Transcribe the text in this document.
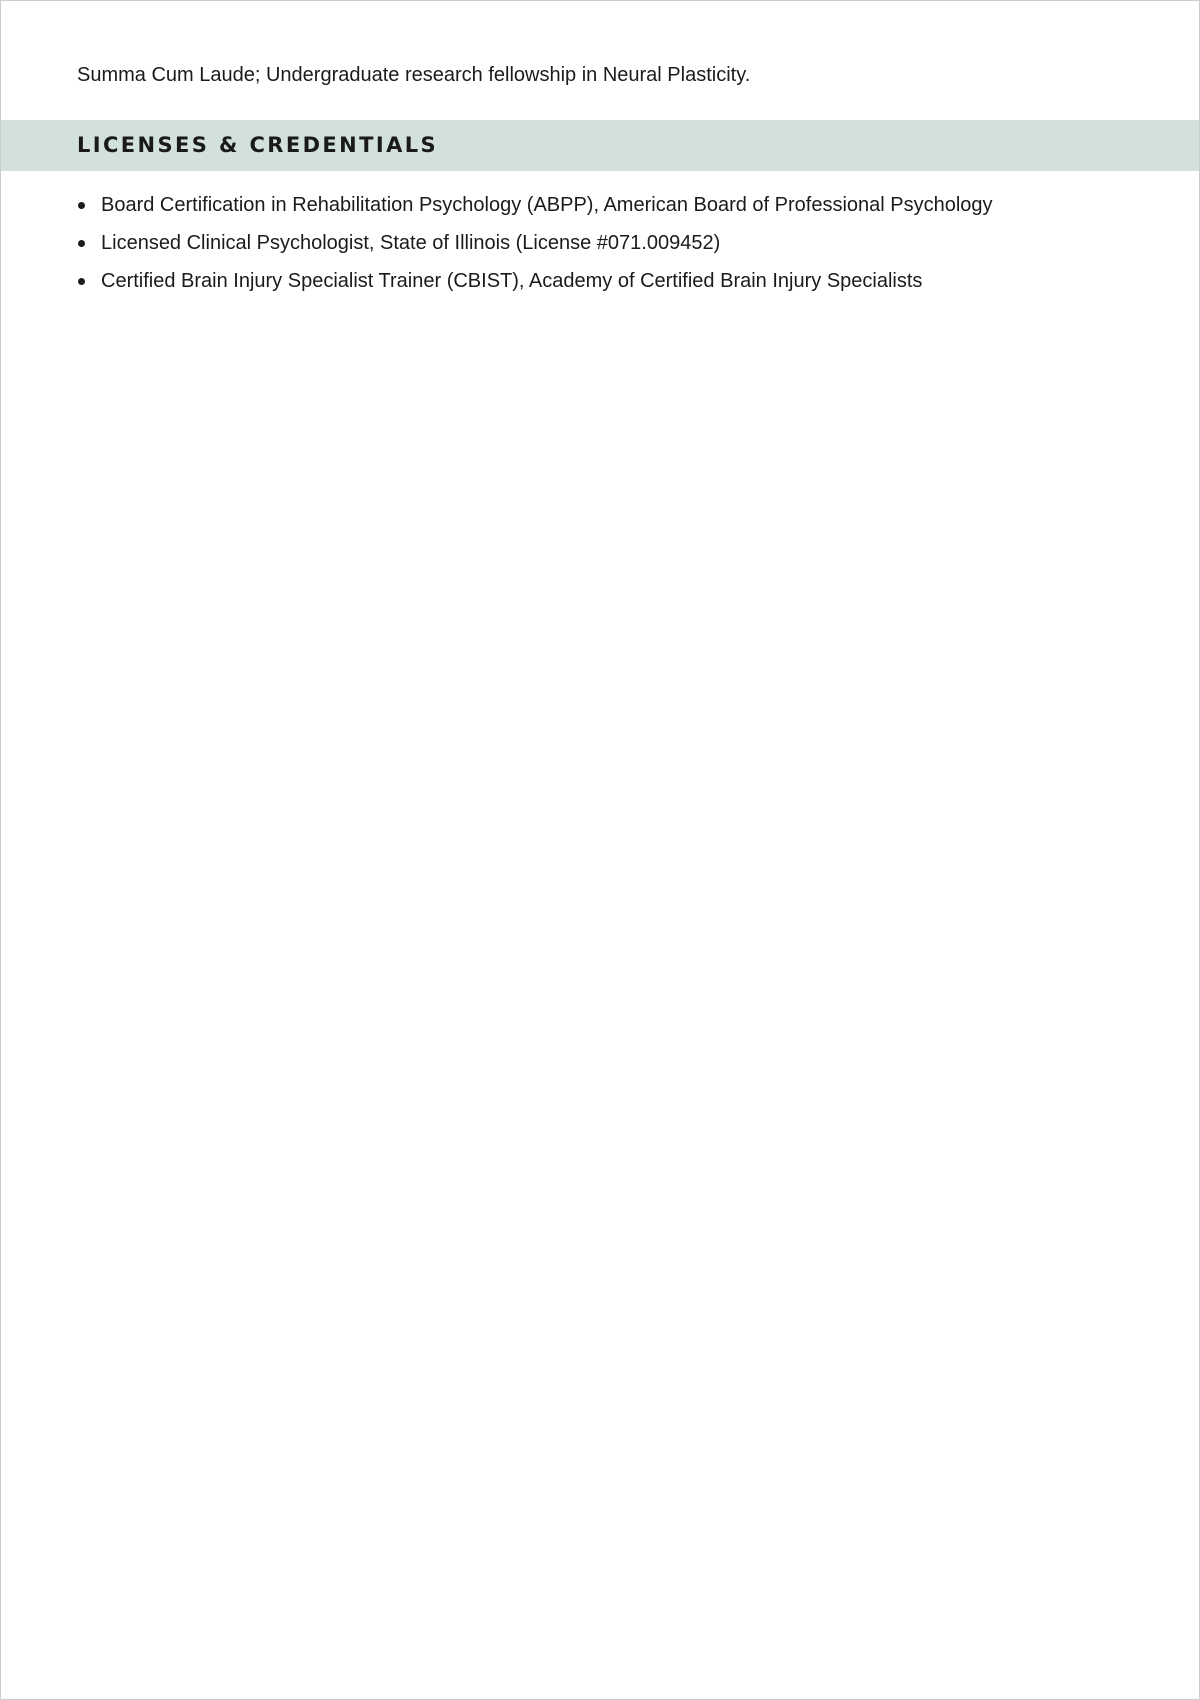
Summa Cum Laude; Undergraduate research fellowship in Neural Plasticity.

LICENSES & CREDENTIALS
Board Certification in Rehabilitation Psychology (ABPP), American Board of Professional Psychology
Licensed Clinical Psychologist, State of Illinois (License #071.009452)
Certified Brain Injury Specialist Trainer (CBIST), Academy of Certified Brain Injury Specialists
